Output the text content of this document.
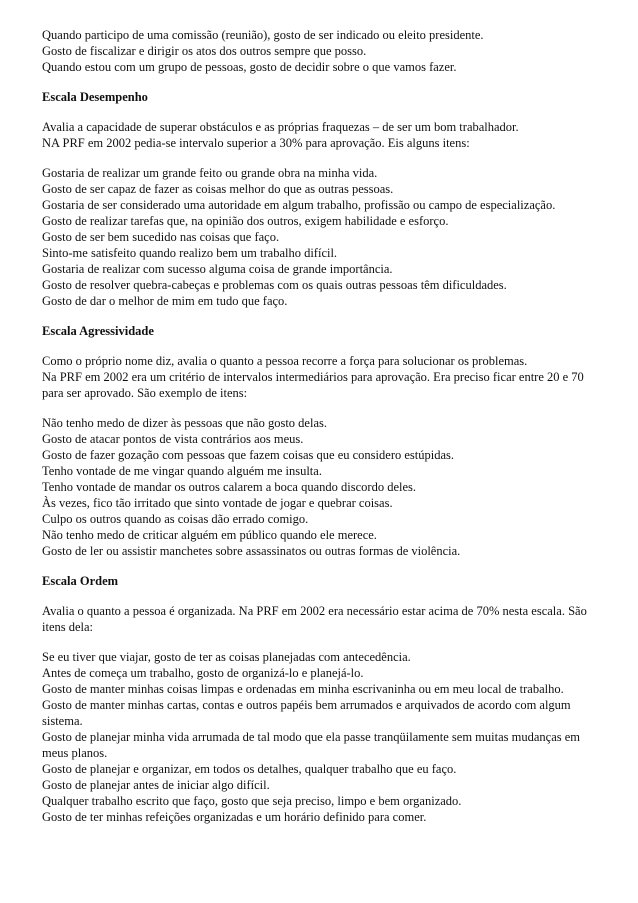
Quando participo de uma comissão (reunião), gosto de ser indicado ou eleito presidente.
Gosto de fiscalizar e dirigir os atos dos outros sempre que posso.
Quando estou com um grupo de pessoas, gosto de decidir sobre o que vamos fazer.
Escala Desempenho
Avalia a capacidade de superar obstáculos e as próprias fraquezas – de ser um bom trabalhador.
NA PRF em 2002 pedia-se intervalo superior a 30% para aprovação. Eis alguns itens:
Gostaria de realizar um grande feito ou grande obra na minha vida.
Gosto de ser capaz de fazer as coisas melhor do que as outras pessoas.
Gostaria de ser considerado uma autoridade em algum trabalho, profissão ou campo de especialização.
Gosto de realizar tarefas que, na opinião dos outros, exigem habilidade e esforço.
Gosto de ser bem sucedido nas coisas que faço.
Sinto-me satisfeito quando realizo bem um trabalho difícil.
Gostaria de realizar com sucesso alguma coisa de grande importância.
Gosto de resolver quebra-cabeças e problemas com os quais outras pessoas têm dificuldades.
Gosto de dar o melhor de mim em tudo que faço.
Escala Agressividade
Como o próprio nome diz, avalia o quanto a pessoa recorre a força para solucionar os problemas.
Na PRF em 2002 era um critério de intervalos intermediários para aprovação. Era preciso ficar entre 20 e 70 para ser aprovado. São exemplo de itens:
Não tenho medo de dizer às pessoas que não gosto delas.
Gosto de atacar pontos de vista contrários aos meus.
Gosto de fazer gozação com pessoas que fazem coisas que eu considero estúpidas.
Tenho vontade de me vingar quando alguém me insulta.
Tenho vontade de mandar os outros calarem a boca quando discordo deles.
Às vezes, fico tão irritado que sinto vontade de jogar e quebrar coisas.
Culpo os outros quando as coisas dão errado comigo.
Não tenho medo de criticar alguém em público quando ele merece.
Gosto de ler ou assistir manchetes sobre assassinatos ou outras formas de violência.
Escala Ordem
Avalia o quanto a pessoa é organizada. Na PRF em 2002 era necessário estar acima de 70% nesta escala. São itens dela:
Se eu tiver que viajar, gosto de ter as coisas planejadas com antecedência.
Antes de começa um trabalho, gosto de organizá-lo e planejá-lo.
Gosto de manter minhas coisas limpas e ordenadas em minha escrivaninha ou em meu local de trabalho.
Gosto de manter minhas cartas, contas e outros papéis bem arrumados e arquivados de acordo com algum sistema.
Gosto de planejar minha vida arrumada de tal modo que ela passe tranqüilamente sem muitas mudanças em meus planos.
Gosto de planejar e organizar, em todos os detalhes, qualquer trabalho que eu faço.
Gosto de planejar antes de iniciar algo difícil.
Qualquer trabalho escrito que faço, gosto que seja preciso, limpo e bem organizado.
Gosto de ter minhas refeições organizadas e um horário definido para comer.
